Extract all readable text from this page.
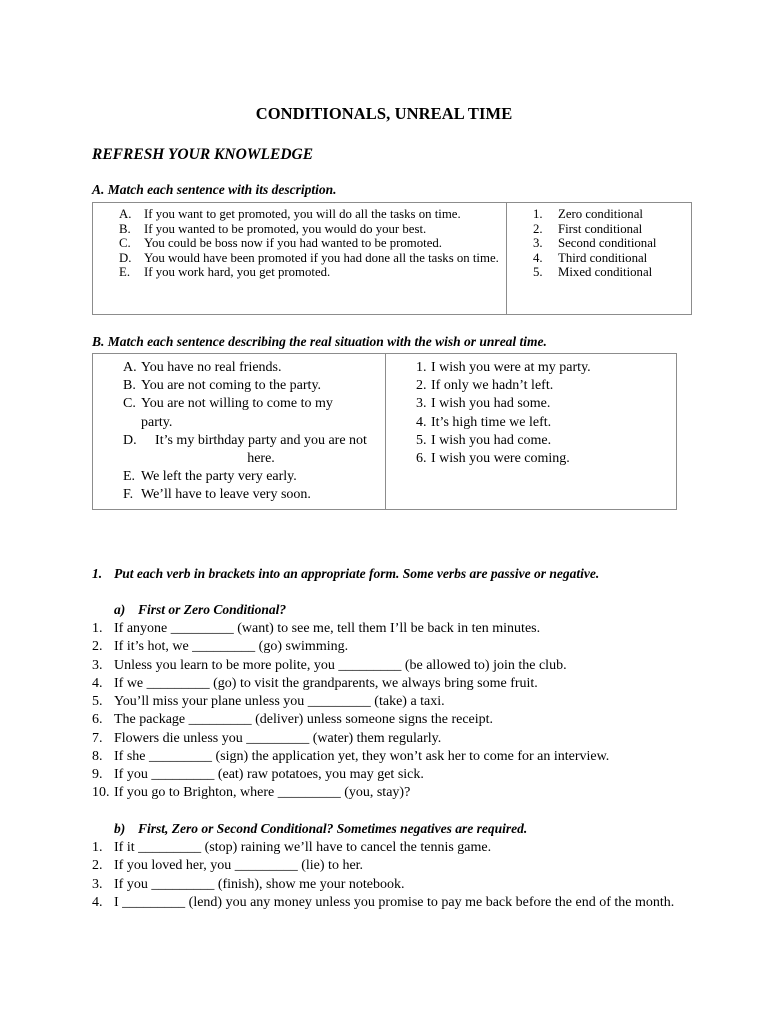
CONDITIONALS, UNREAL TIME
REFRESH YOUR KNOWLEDGE
A. Match each sentence with its description.
A. If you want to get promoted, you will do all the tasks on time.
B.	If you wanted to be promoted, you would do your best.
C.	You could be boss now if you had wanted to be promoted.
D. You would have been promoted if you had done all the tasks on time.
E.	If you work hard, you get promoted.

1.	Zero conditional
2.	First conditional
3.	Second conditional
4.	Third conditional
5.	Mixed conditional
B. Match each sentence describing the real situation with the wish or unreal time.
A. You have no real friends.
B. You are not coming to the party.
C. You are not willing to come to my party.
D.	It’s my birthday party and you are not here.
E. We left the party very early.
F. We’ll have to leave very soon.

1. I wish you were at my party.
2. If only we hadn’t left.
3. I wish you had some.
4. It’s high time we left.
5. I wish you had come.
6. I wish you were coming.
1. Put each verb in brackets into an appropriate form. Some verbs are passive or negative.
a) First or Zero Conditional?
1. If anyone _________ (want) to see me, tell them I’ll be back in ten minutes.
2. If it’s hot, we _________ (go) swimming.
3. Unless you learn to be more polite, you _________ (be allowed to) join the club.
4. If we _________ (go) to visit the grandparents, we always bring some fruit.
5. You’ll miss your plane unless you _________ (take) a taxi.
6. The package _________ (deliver) unless someone signs the receipt.
7. Flowers die unless you _________ (water) them regularly.
8. If she _________ (sign) the application yet, they won’t ask her to come for an interview.
9. If you _________ (eat) raw potatoes, you may get sick.
10. If you go to Brighton, where _________ (you, stay)?
b) First, Zero or Second Conditional? Sometimes negatives are required.
1. If it _________ (stop) raining we’ll have to cancel the tennis game.
2. If you loved her, you _________ (lie) to her.
3. If you _________ (finish), show me your notebook.
4. I _________ (lend) you any money unless you promise to pay me back before the end of the month.
